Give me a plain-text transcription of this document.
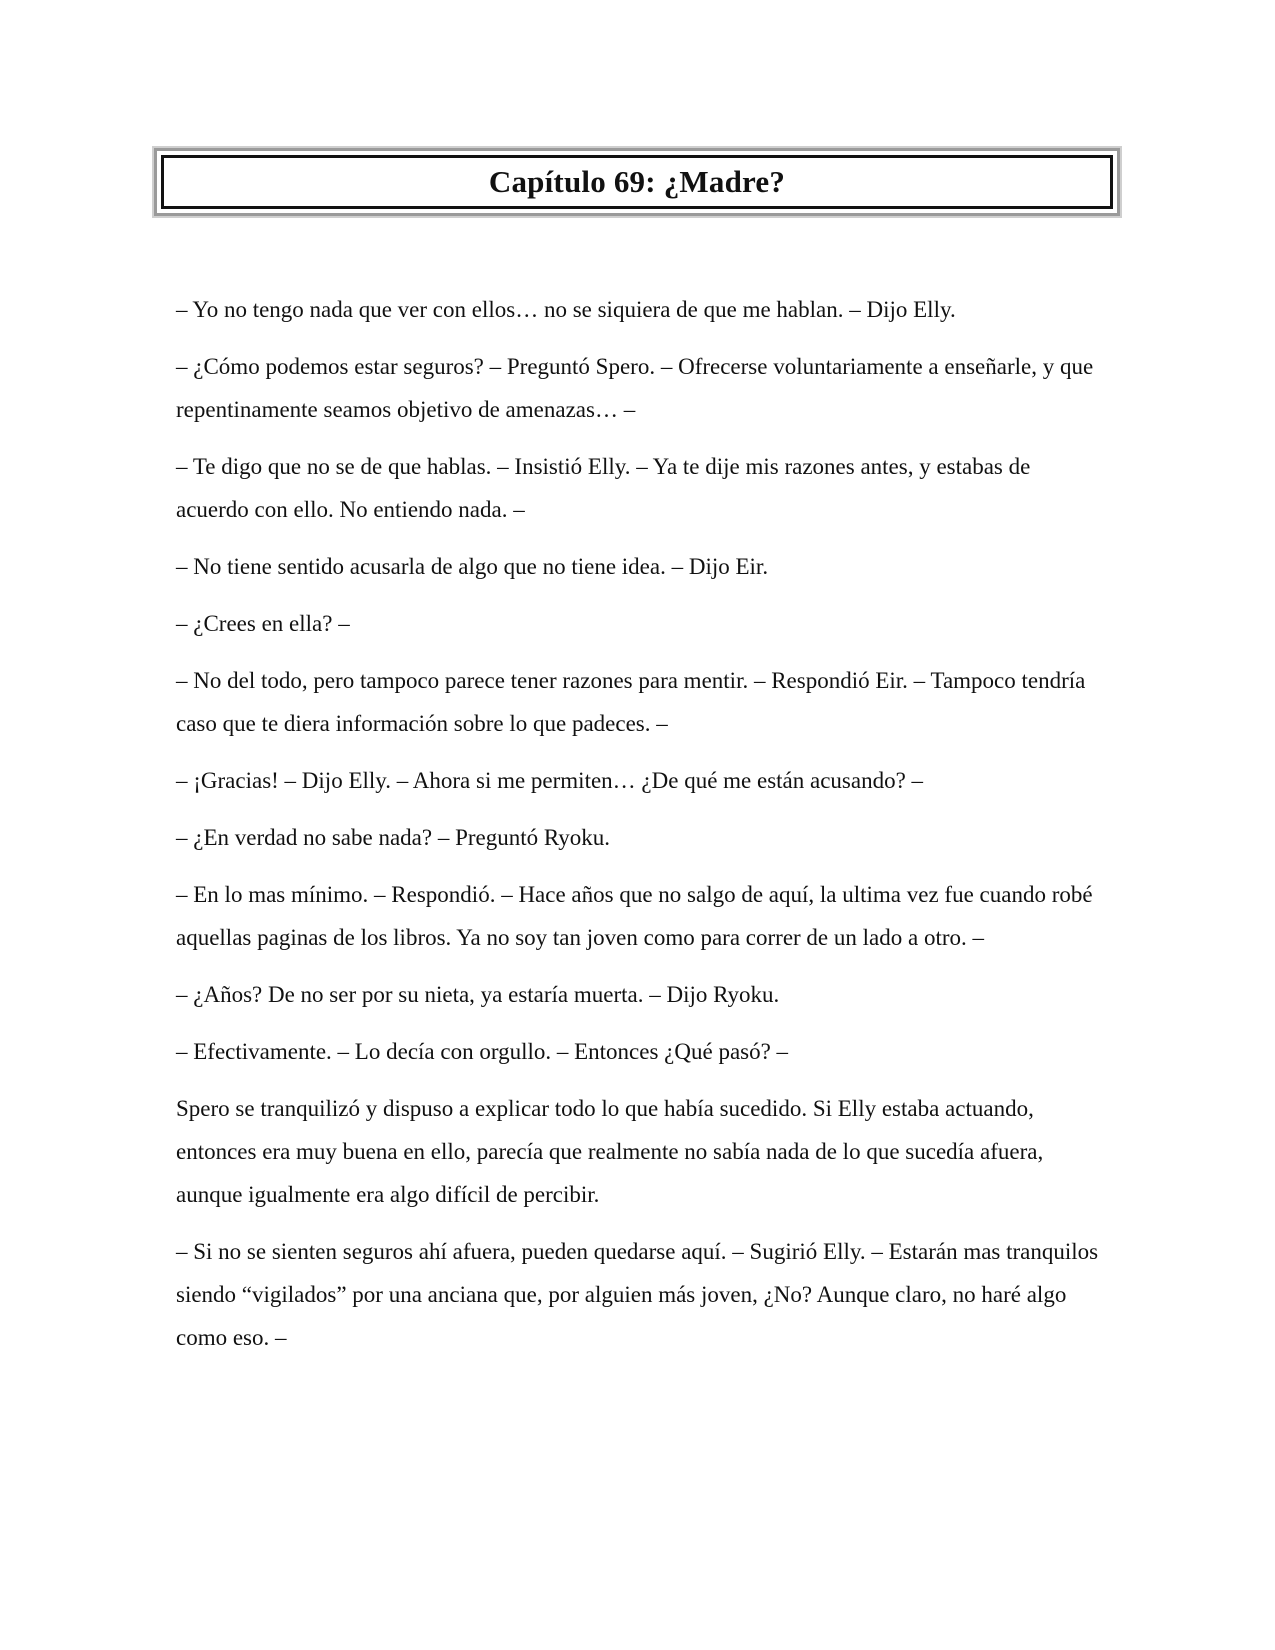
Capítulo 69: ¿Madre?

– Yo no tengo nada que ver con ellos… no se siquiera de que me hablan. – Dijo Elly.

– ¿Cómo podemos estar seguros? – Preguntó Spero. – Ofrecerse voluntariamente a enseñarle, y que repentinamente seamos objetivo de amenazas… –

– Te digo que no se de que hablas. – Insistió Elly. – Ya te dije mis razones antes, y estabas de acuerdo con ello. No entiendo nada. –

– No tiene sentido acusarla de algo que no tiene idea. – Dijo Eir.

– ¿Crees en ella? –

– No del todo, pero tampoco parece tener razones para mentir. – Respondió Eir. – Tampoco tendría caso que te diera información sobre lo que padeces. –

– ¡Gracias! – Dijo Elly. – Ahora si me permiten… ¿De qué me están acusando? –

– ¿En verdad no sabe nada? – Preguntó Ryoku.

– En lo mas mínimo. – Respondió. – Hace años que no salgo de aquí, la ultima vez fue cuando robé aquellas paginas de los libros. Ya no soy tan joven como para correr de un lado a otro. –

– ¿Años? De no ser por su nieta, ya estaría muerta. – Dijo Ryoku.

– Efectivamente. – Lo decía con orgullo. – Entonces ¿Qué pasó? –

Spero se tranquilizó y dispuso a explicar todo lo que había sucedido. Si Elly estaba actuando, entonces era muy buena en ello, parecía que realmente no sabía nada de lo que sucedía afuera, aunque igualmente era algo difícil de percibir.

– Si no se sienten seguros ahí afuera, pueden quedarse aquí. – Sugirió Elly. – Estarán mas tranquilos siendo “vigilados” por una anciana que, por alguien más joven, ¿No? Aunque claro, no haré algo como eso. –
